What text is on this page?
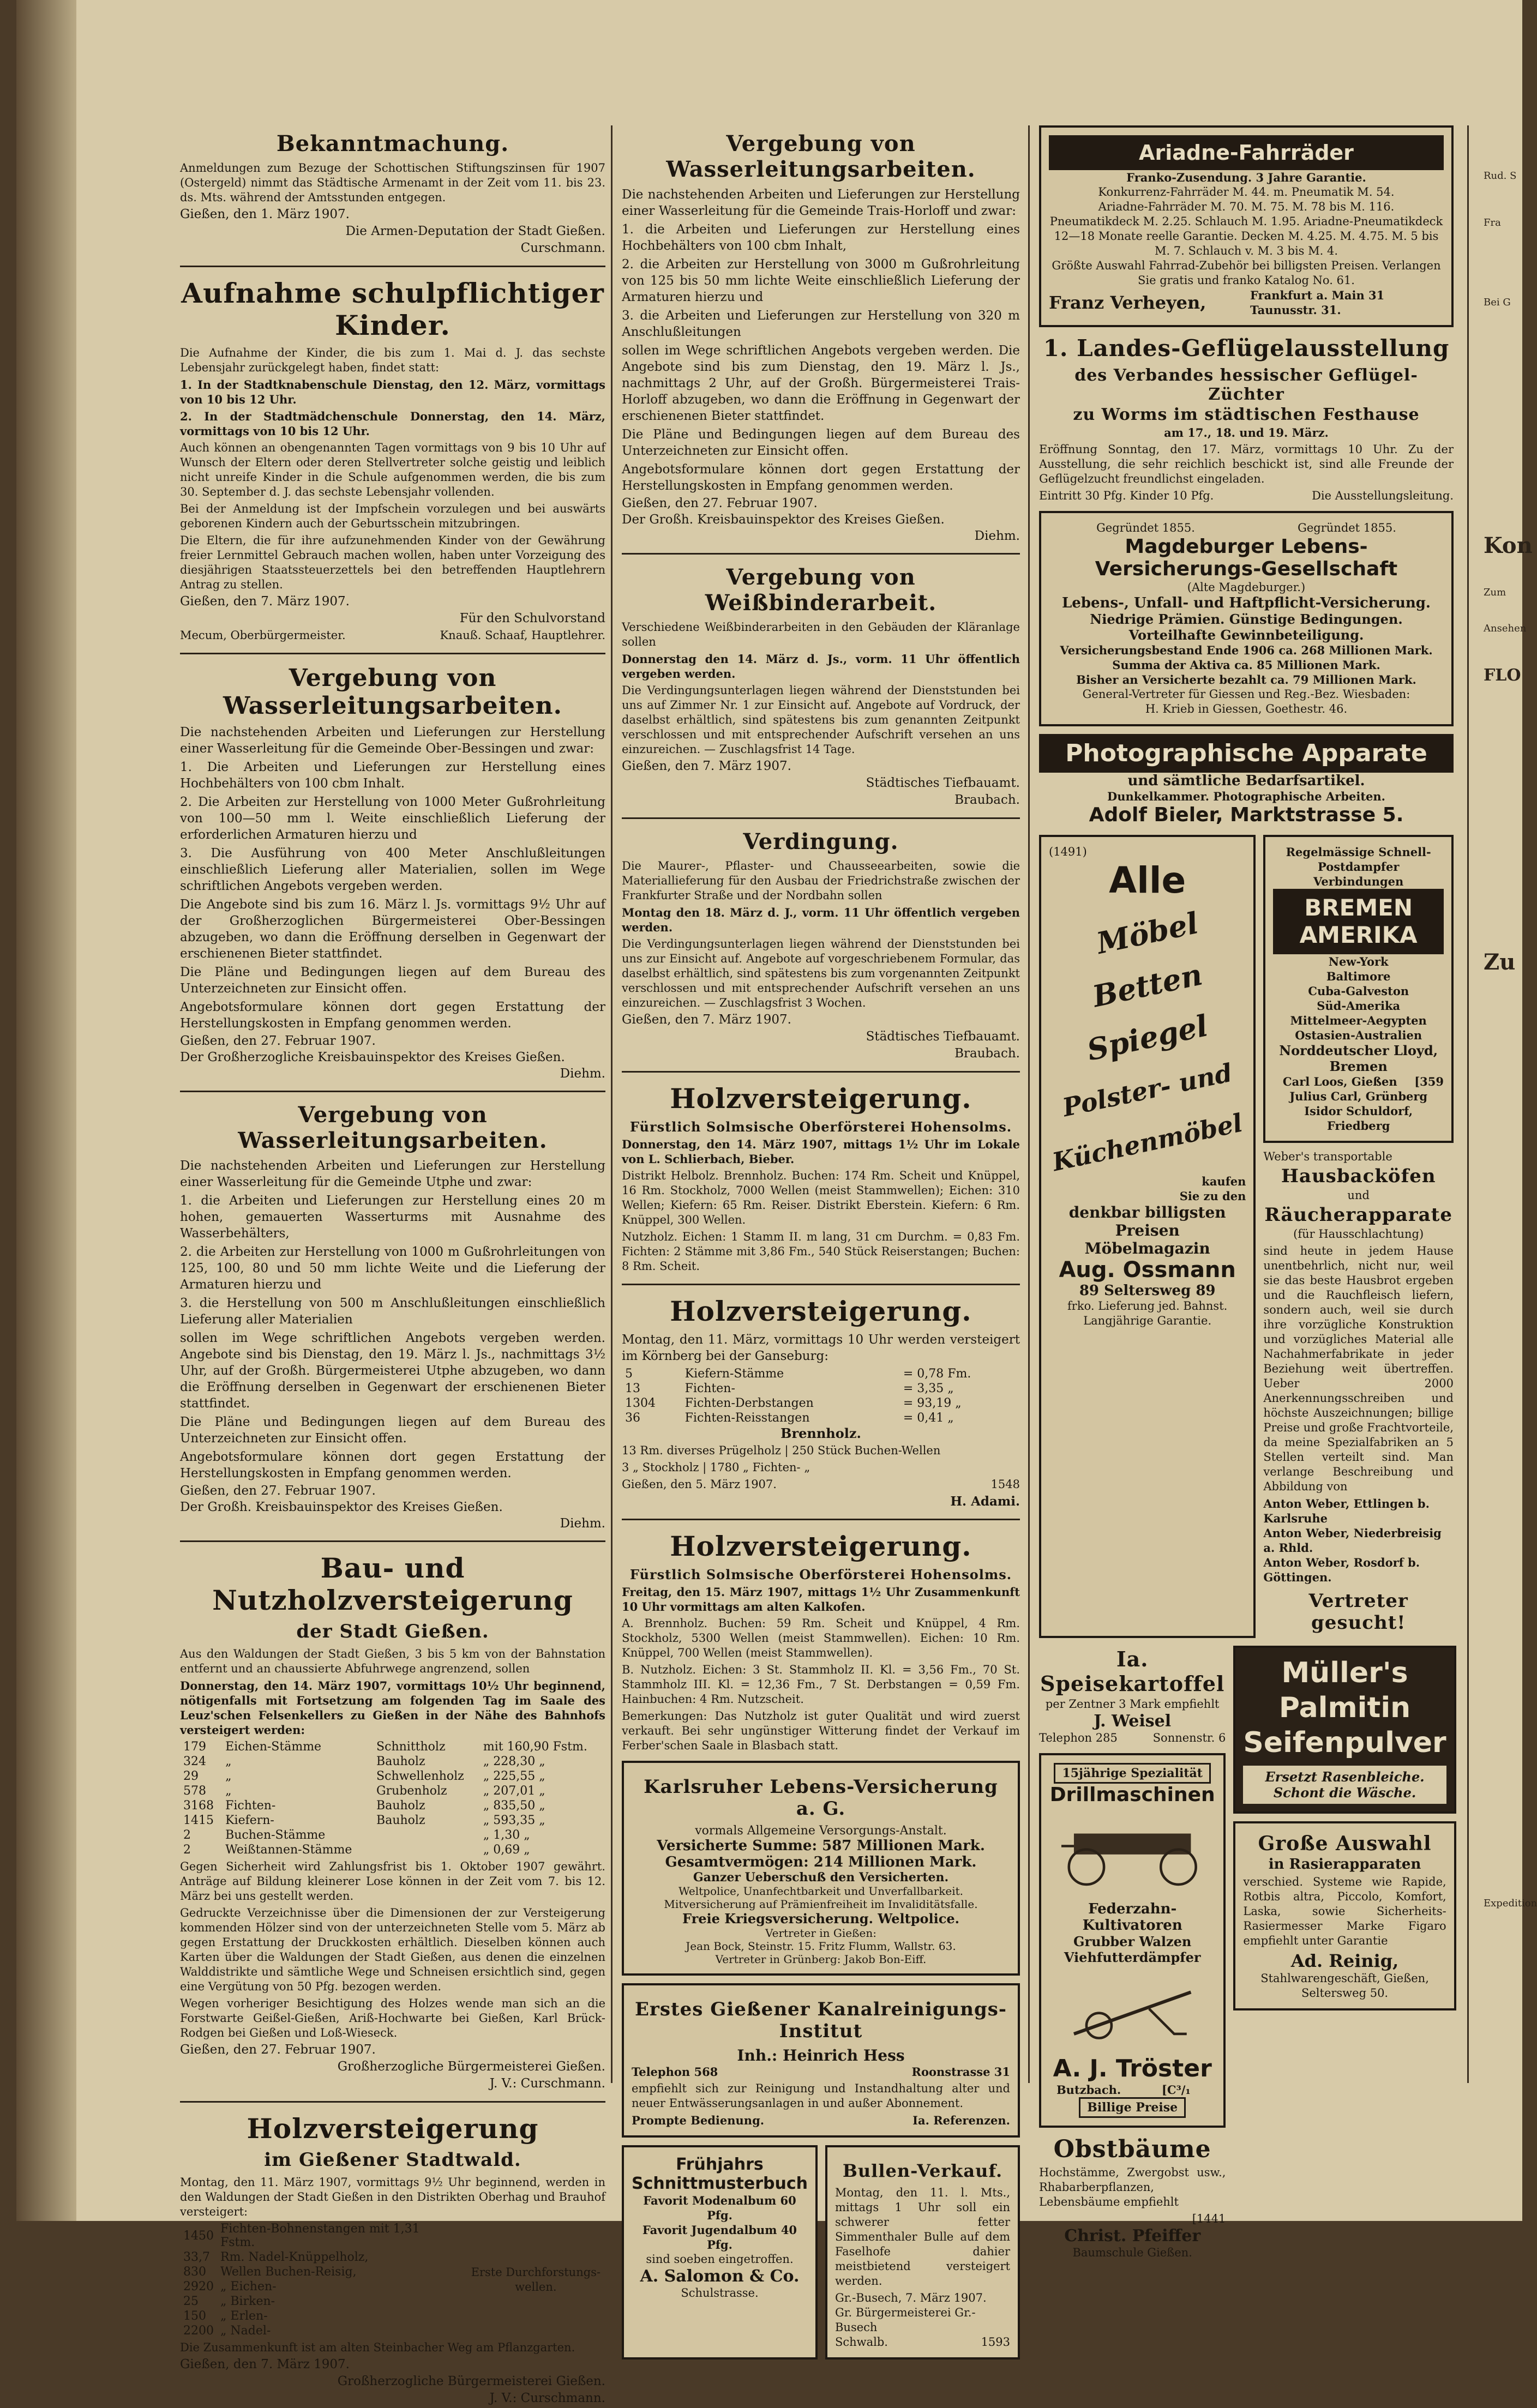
Bekanntmachung.
Anmeldungen zum Bezuge der Schottischen Stiftungszinsen für 1907 (Ostergeld) nimmt das Städtische Armenamt in der Zeit vom 11. bis 23. ds. Mts. während der Amtsstunden entgegen.
Gießen, den 1. März 1907.
Die Armen-Deputation der Stadt Gießen.
Curschmann.
Aufnahme schulpflichtiger Kinder.
Die Aufnahme der Kinder, die bis zum 1. Mai d. J. das sechste Lebensjahr zurückgelegt haben, findet statt:
1. In der Stadtknabenschule Dienstag, den 12. März, vormittags von 10 bis 12 Uhr.
2. In der Stadtmädchenschule Donnerstag, den 14. März, vormittags von 10 bis 12 Uhr.
Auch können an obengenannten Tagen vormittags von 9 bis 10 Uhr auf Wunsch der Eltern oder deren Stellvertreter solche geistig und leiblich nicht unreife Kinder in die Schule aufgenommen werden, die bis zum 30. September d. J. das sechste Lebensjahr vollenden.
Bei der Anmeldung ist der Impfschein vorzulegen und bei auswärts geborenen Kindern auch der Geburtsschein mitzubringen.
Die Eltern, die für ihre aufzunehmenden Kinder von der Gewährung freier Lernmittel Gebrauch machen wollen, haben unter Vorzeigung des diesjährigen Staatssteuerzettels bei den betreffenden Hauptlehrern Antrag zu stellen.
Gießen, den 7. März 1907.
Für den Schulvorstand
Mecum, Oberbürgermeister.	Knauß. Schaaf, Hauptlehrer.
Vergebung von Wasserleitungsarbeiten.
Die nachstehenden Arbeiten und Lieferungen zur Herstellung einer Wasserleitung für die Gemeinde Ober-Bessingen und zwar:
1. Die Arbeiten und Lieferungen zur Herstellung eines Hochbehälters von 100 cbm Inhalt.
2. Die Arbeiten zur Herstellung von 1000 Meter Gußrohrleitung von 100—50 mm l. Weite einschließlich Lieferung der erforderlichen Armaturen hierzu und
3. Die Ausführung von 400 Meter Anschlußleitungen einschließlich Lieferung aller Materialien, sollen im Wege schriftlichen Angebots vergeben werden.
Die Angebote sind bis zum 16. März l. Js. vormittags 9½ Uhr auf der Großherzoglichen Bürgermeisterei Ober-Bessingen abzugeben, wo dann die Eröffnung derselben in Gegenwart der erschienenen Bieter stattfindet.
Die Pläne und Bedingungen liegen auf dem Bureau des Unterzeichneten zur Einsicht offen.
Angebotsformulare können dort gegen Erstattung der Herstellungskosten in Empfang genommen werden.
Gießen, den 27. Februar 1907.
Der Großherzogliche Kreisbauinspektor des Kreises Gießen.
Diehm.
Vergebung von Wasserleitungsarbeiten.
Die nachstehenden Arbeiten und Lieferungen zur Herstellung einer Wasserleitung für die Gemeinde Utphe und zwar:
1. die Arbeiten und Lieferungen zur Herstellung eines 20 m hohen, gemauerten Wasserturms mit Ausnahme des Wasserbehälters,
2. die Arbeiten zur Herstellung von 1000 m Gußrohrleitungen von 125, 100, 80 und 50 mm lichte Weite und die Lieferung der Armaturen hierzu und
3. die Herstellung von 500 m Anschlußleitungen einschließlich Lieferung aller Materialien
sollen im Wege schriftlichen Angebots vergeben werden. Angebote sind bis Dienstag, den 19. März l. Js., nachmittags 3½ Uhr, auf der Großh. Bürgermeisterei Utphe abzugeben, wo dann die Eröffnung derselben in Gegenwart der erschienenen Bieter stattfindet.
Die Pläne und Bedingungen liegen auf dem Bureau des Unterzeichneten zur Einsicht offen.
Angebotsformulare können dort gegen Erstattung der Herstellungskosten in Empfang genommen werden.
Gießen, den 27. Februar 1907.
Der Großh. Kreisbauinspektor des Kreises Gießen.
Diehm.
Bau- und Nutzholzversteigerung
der Stadt Gießen.
Aus den Waldungen der Stadt Gießen, 3 bis 5 km von der Bahnstation entfernt und an chaussierte Abfuhrwege angrenzend, sollen
Donnerstag, den 14. März 1907, vormittags 10½ Uhr beginnend, nötigenfalls mit Fortsetzung am folgenden Tag im Saale des Leuz'schen Felsenkellers zu Gießen in der Nähe des Bahnhofs versteigert werden:
179	Eichen-Stämme	Schnittholz	mit 160,90 Fstm.
324	„	Bauholz	„ 228,30 „
29	„	Schwellenholz	„ 225,55 „
578	„	Grubenholz	„ 207,01 „
3168	Fichten-	Bauholz	„ 835,50 „
1415	Kiefern-	Bauholz	„ 593,35 „
2	Buchen-Stämme		„ 1,30 „
2	Weißtannen-Stämme		„ 0,69 „
Gegen Sicherheit wird Zahlungsfrist bis 1. Oktober 1907 gewährt. Anträge auf Bildung kleinerer Lose können in der Zeit vom 7. bis 12. März bei uns gestellt werden.
Gedruckte Verzeichnisse über die Dimensionen der zur Versteigerung kommenden Hölzer sind von der unterzeichneten Stelle vom 5. März ab gegen Erstattung der Druckkosten erhältlich. Dieselben können auch Karten über die Waldungen der Stadt Gießen, aus denen die einzelnen Walddistrikte und sämtliche Wege und Schneisen ersichtlich sind, gegen eine Vergütung von 50 Pfg. bezogen werden.
Wegen vorheriger Besichtigung des Holzes wende man sich an die Forstwarte Geißel-Gießen, Ariß-Hochwarte bei Gießen, Karl Brück-Rodgen bei Gießen und Loß-Wieseck.
Gießen, den 27. Februar 1907.
Großherzogliche Bürgermeisterei Gießen.
J. V.: Curschmann.
Holzversteigerung
im Gießener Stadtwald.
Montag, den 11. März 1907, vormittags 9½ Uhr beginnend, werden in den Waldungen der Stadt Gießen in den Distrikten Oberhag und Brauhof versteigert:
1450	Fichten-Bohnenstangen mit 1,31 Fstm.
33,7	Rm. Nadel-Knüppelholz,
830	Wellen Buchen-Reisig,
2920	„ Eichen-
25	„ Birken-
150	„ Erlen-
2200	„ Nadel-
Erste Durchforstungs-wellen.
Die Zusammenkunft ist am alten Steinbacher Weg am Pflanzgarten.
Gießen, den 7. März 1907.
Großherzogliche Bürgermeisterei Gießen.
J. V.: Curschmann.
Vergebung von Wasserleitungsarbeiten.
Die nachstehenden Arbeiten und Lieferungen zur Herstellung einer Wasserleitung für die Gemeinde Trais-Horloff und zwar:
1. die Arbeiten und Lieferungen zur Herstellung eines Hochbehälters von 100 cbm Inhalt,
2. die Arbeiten zur Herstellung von 3000 m Gußrohrleitung von 125 bis 50 mm lichte Weite einschließlich Lieferung der Armaturen hierzu und
3. die Arbeiten und Lieferungen zur Herstellung von 320 m Anschlußleitungen
sollen im Wege schriftlichen Angebots vergeben werden. Die Angebote sind bis zum Dienstag, den 19. März l. Js., nachmittags 2 Uhr, auf der Großh. Bürgermeisterei Trais-Horloff abzugeben, wo dann die Eröffnung in Gegenwart der erschienenen Bieter stattfindet.
Die Pläne und Bedingungen liegen auf dem Bureau des Unterzeichneten zur Einsicht offen.
Angebotsformulare können dort gegen Erstattung der Herstellungskosten in Empfang genommen werden.
Gießen, den 27. Februar 1907.
Der Großh. Kreisbauinspektor des Kreises Gießen.
Diehm.
Vergebung von Weißbinderarbeit.
Verschiedene Weißbinderarbeiten in den Gebäuden der Kläranlage sollen
Donnerstag den 14. März d. Js., vorm. 11 Uhr öffentlich vergeben werden.
Die Verdingungsunterlagen liegen während der Dienststunden bei uns auf Zimmer Nr. 1 zur Einsicht auf. Angebote auf Vordruck, der daselbst erhältlich, sind spätestens bis zum genannten Zeitpunkt verschlossen und mit entsprechender Aufschrift versehen an uns einzureichen. — Zuschlagsfrist 14 Tage.
Gießen, den 7. März 1907.
Städtisches Tiefbauamt.
Braubach.
Verdingung.
Die Maurer-, Pflaster- und Chausseearbeiten, sowie die Materiallieferung für den Ausbau der Friedrichstraße zwischen der Frankfurter Straße und der Nordbahn sollen
Montag den 18. März d. J., vorm. 11 Uhr öffentlich vergeben werden.
Die Verdingungsunterlagen liegen während der Dienststunden bei uns zur Einsicht auf. Angebote auf vorgeschriebenem Formular, das daselbst erhältlich, sind spätestens bis zum vorgenannten Zeitpunkt verschlossen und mit entsprechender Aufschrift versehen an uns einzureichen. — Zuschlagsfrist 3 Wochen.
Gießen, den 7. März 1907.
Städtisches Tiefbauamt.
Braubach.
Holzversteigerung.
Fürstlich Solmsische Oberförsterei Hohensolms.
Donnerstag, den 14. März 1907, mittags 1½ Uhr im Lokale von L. Schlierbach, Bieber.
Distrikt Helbolz. Brennholz. Buchen: 174 Rm. Scheit und Knüppel, 16 Rm. Stockholz, 7000 Wellen (meist Stammwellen); Eichen: 310 Wellen; Kiefern: 65 Rm. Reiser. Distrikt Eberstein. Kiefern: 6 Rm. Knüppel, 300 Wellen.
Nutzholz. Eichen: 1 Stamm II. m lang, 31 cm Durchm. = 0,83 Fm. Fichten: 2 Stämme mit 3,86 Fm., 540 Stück Reiserstangen; Buchen: 8 Rm. Scheit.
Holzversteigerung.
Montag, den 11. März, vormittags 10 Uhr werden versteigert im Körnberg bei der Ganseburg:
5	Kiefern-Stämme	= 0,78 Fm.
13	Fichten-	= 3,35 „
1304	Fichten-Derbstangen	= 93,19 „
36	Fichten-Reisstangen	= 0,41 „
Brennholz.
13 Rm. diverses Prügelholz | 250 Stück Buchen-Wellen
3 „ Stockholz | 1780 „ Fichten- „
Gießen, den 5. März 1907.	1548
H. Adami.
Holzversteigerung.
Fürstlich Solmsische Oberförsterei Hohensolms.
Freitag, den 15. März 1907, mittags 1½ Uhr Zusammenkunft 10 Uhr vormittags am alten Kalkofen.
A. Brennholz. Buchen: 59 Rm. Scheit und Knüppel, 4 Rm. Stockholz, 5300 Wellen (meist Stammwellen). Eichen: 10 Rm. Knüppel, 700 Wellen (meist Stammwellen).
B. Nutzholz. Eichen: 3 St. Stammholz II. Kl. = 3,56 Fm., 70 St. Stammholz III. Kl. = 12,36 Fm., 7 St. Derbstangen = 0,59 Fm. Hainbuchen: 4 Rm. Nutzscheit.
Bemerkungen: Das Nutzholz ist guter Qualität und wird zuerst verkauft. Bei sehr ungünstiger Witterung findet der Verkauf im Ferber'schen Saale in Blasbach statt.
Karlsruher Lebens-Versicherung a. G.
vormals Allgemeine Versorgungs-Anstalt.
Versicherte Summe: 587 Millionen Mark.
Gesamtvermögen: 214 Millionen Mark.
Ganzer Ueberschuß den Versicherten.
Weltpolice, Unanfechtbarkeit und Unverfallbarkeit.
Mitversicherung auf Prämienfreiheit im Invaliditätsfalle.
Freie Kriegsversicherung. Weltpolice.
Vertreter in Gießen:
Jean Bock, Steinstr. 15. Fritz Flumm, Wallstr. 63.
Vertreter in Grünberg: Jakob Bon-Eiff.
Erstes Gießener Kanalreinigungs-Institut
Inh.: Heinrich Hess
Telephon 568	Roonstrasse 31
empfiehlt sich zur Reinigung und Instandhaltung alter und neuer Entwässerungsanlagen in und außer Abonnement.
Prompte Bedienung.	Ia. Referenzen.
Frühjahrs Schnittmusterbuch
Favorit Modenalbum 60 Pfg.
Favorit Jugendalbum 40 Pfg.
sind soeben eingetroffen.
A. Salomon & Co.
Schulstrasse.
Bullen-Verkauf.
Montag, den 11. l. Mts., mittags 1 Uhr soll ein schwerer fetter Simmenthaler Bulle auf dem Faselhofe dahier meistbietend versteigert werden.
Gr.-Busech, 7. März 1907.
Gr. Bürgermeisterei Gr.-Busech
Schwalb.	1593
Ariadne-Fahrräder
Franko-Zusendung. 3 Jahre Garantie.
Konkurrenz-Fahrräder M. 44. m. Pneumatik M. 54.
Ariadne-Fahrräder M. 70. M. 75. M. 78 bis M. 116.
Pneumatikdeck M. 2.25. Schlauch M. 1.95. Ariadne-Pneumatikdeck 12—18 Monate reelle Garantie. Decken M. 4.25. M. 4.75. M. 5 bis M. 7. Schlauch v. M. 3 bis M. 4.
Größte Auswahl Fahrrad-Zubehör bei billigsten Preisen. Verlangen Sie gratis und franko Katalog No. 61.
Franz Verheyen,	Frankfurt a. Main 31 Taunusstr. 31.
1. Landes-Geflügelausstellung
des Verbandes hessischer Geflügel-Züchter
zu Worms im städtischen Festhause
am 17., 18. und 19. März.
Eröffnung Sonntag, den 17. März, vormittags 10 Uhr. Zu der Ausstellung, die sehr reichlich beschickt ist, sind alle Freunde der Geflügelzucht freundlichst eingeladen.
Eintritt 30 Pfg. Kinder 10 Pfg.	Die Ausstellungsleitung.
Gegründet 1855.	Gegründet 1855.
Magdeburger Lebens-Versicherungs-Gesellschaft
(Alte Magdeburger.)
Lebens-, Unfall- und Haftpflicht-Versicherung.
Niedrige Prämien. Günstige Bedingungen.
Vorteilhafte Gewinnbeteiligung.
Versicherungsbestand Ende 1906 ca. 268 Millionen Mark.
Summa der Aktiva ca. 85 Millionen Mark.
Bisher an Versicherte bezahlt ca. 79 Millionen Mark.
General-Vertreter für Giessen und Reg.-Bez. Wiesbaden:
H. Krieb in Giessen, Goethestr. 46.
Photographische Apparate
und sämtliche Bedarfsartikel.
Dunkelkammer. Photographische Arbeiten.
Adolf Bieler, Marktstrasse 5.
(1491)
Alle
Möbel
Betten
Spiegel
Polster- und
Küchenmöbel
kaufen
Sie zu den
denkbar billigsten
Preisen
Möbelmagazin
Aug. Ossmann
89 Seltersweg 89
frko. Lieferung jed. Bahnst. Langjährige Garantie.
Regelmässige Schnell-Postdampfer Verbindungen
BREMEN AMERIKA
New-York
Baltimore
Cuba-Galveston
Süd-Amerika
Mittelmeer-Aegypten
Ostasien-Australien
Norddeutscher Lloyd, Bremen
Carl Loos, Gießen	[359
Julius Carl, Grünberg
Isidor Schuldorf, Friedberg
Weber's transportable
Hausbacköfen
und
Räucherapparate
(für Hausschlachtung)
sind heute in jedem Hause unentbehrlich, nicht nur, weil sie das beste Hausbrot ergeben und die Rauchfleisch liefern, sondern auch, weil sie durch ihre vorzügliche Konstruktion und vorzügliches Material alle Nachahmerfabrikate in jeder Beziehung weit übertreffen. Ueber 2000 Anerkennungsschreiben und höchste Auszeichnungen; billige Preise und große Frachtvorteile, da meine Spezialfabriken an 5 Stellen verteilt sind. Man verlange Beschreibung und Abbildung von
Anton Weber, Ettlingen b. Karlsruhe
Anton Weber, Niederbreisig a. Rhld.
Anton Weber, Rosdorf b. Göttingen.
Vertreter gesucht!
Ia. Speisekartoffel
per Zentner 3 Mark empfiehlt
J. Weisel
Telephon 285	Sonnenstr. 6
15jährige Spezialität
Drillmaschinen
Federzahn-Kultivatoren
Grubber Walzen
Viehfutterdämpfer
A. J. Tröster
Butzbach.	[C³/₁
Billige Preise
Obstbäume
Hochstämme, Zwergobst usw., Rhabarberpflanzen, Lebensbäume empfiehlt
[1441
Christ. Pfeiffer
Baumschule Gießen.
Müller's Palmitin Seifenpulver
Ersetzt Rasenbleiche. Schont die Wäsche.
Große Auswahl
in Rasierapparaten
verschied. Systeme wie Rapide, Rotbis altra, Piccolo, Komfort, Laska, sowie Sicherheits-Rasiermesser Marke Figaro empfiehlt unter Garantie
Ad. Reinig,
Stahlwarengeschäft, Gießen, Seltersweg 50.
Rud. S
Fra
Bei G
Kon
Zum
Ansehen
FLO
Zu
Expedition
